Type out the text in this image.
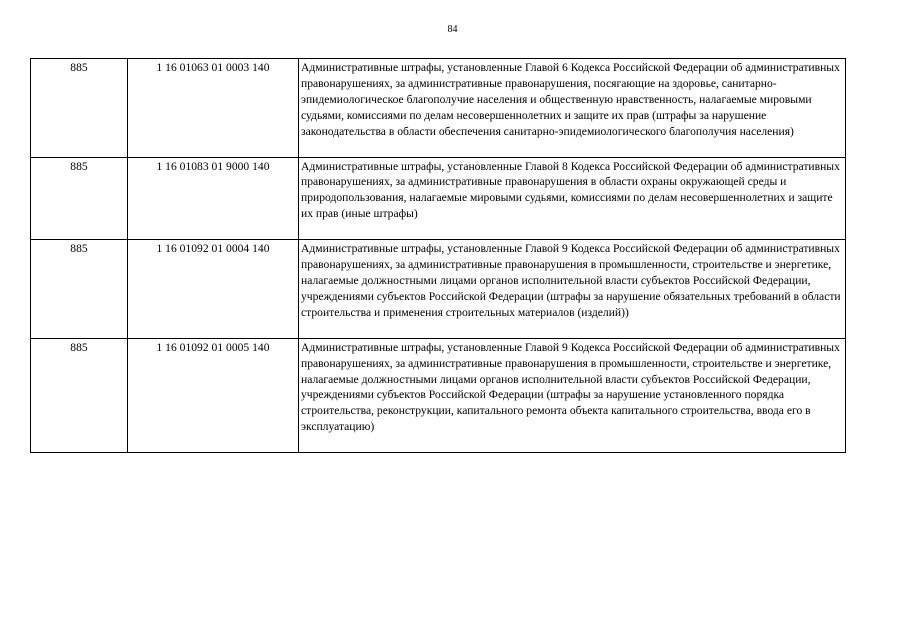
84
885	1 16 01063 01 0003 140	Административные штрафы, установленные Главой 6 Кодекса Российской Федерации об административных правонарушениях, за административные правонарушения, посягающие на здоровье, санитарно-эпидемиологическое благополучие населения и общественную нравственность, налагаемые мировыми судьями, комиссиями по делам несовершеннолетних и защите их прав (штрафы за нарушение законодательства в области обеспечения санитарно-эпидемиологического благополучия населения)
885	1 16 01083 01 9000 140	Административные штрафы, установленные Главой 8 Кодекса Российской Федерации об административных правонарушениях, за административные правонарушения в области охраны окружающей среды и природопользования, налагаемые мировыми судьями, комиссиями по делам несовершеннолетних и защите их прав (иные штрафы)
885	1 16 01092 01 0004 140	Административные штрафы, установленные Главой 9 Кодекса Российской Федерации об административных правонарушениях, за административные правонарушения в промышленности, строительстве и энергетике, налагаемые должностными лицами органов исполнительной власти субъектов Российской Федерации, учреждениями субъектов Российской Федерации (штрафы за нарушение обязательных требований в области строительства и применения строительных материалов (изделий))
885	1 16 01092 01 0005 140	Административные штрафы, установленные Главой 9 Кодекса Российской Федерации об административных правонарушениях, за административные правонарушения в промышленности, строительстве и энергетике, налагаемые должностными лицами органов исполнительной власти субъектов Российской Федерации, учреждениями субъектов Российской Федерации (штрафы за нарушение установленного порядка строительства, реконструкции, капитального ремонта объекта капитального строительства, ввода его в эксплуатацию)
